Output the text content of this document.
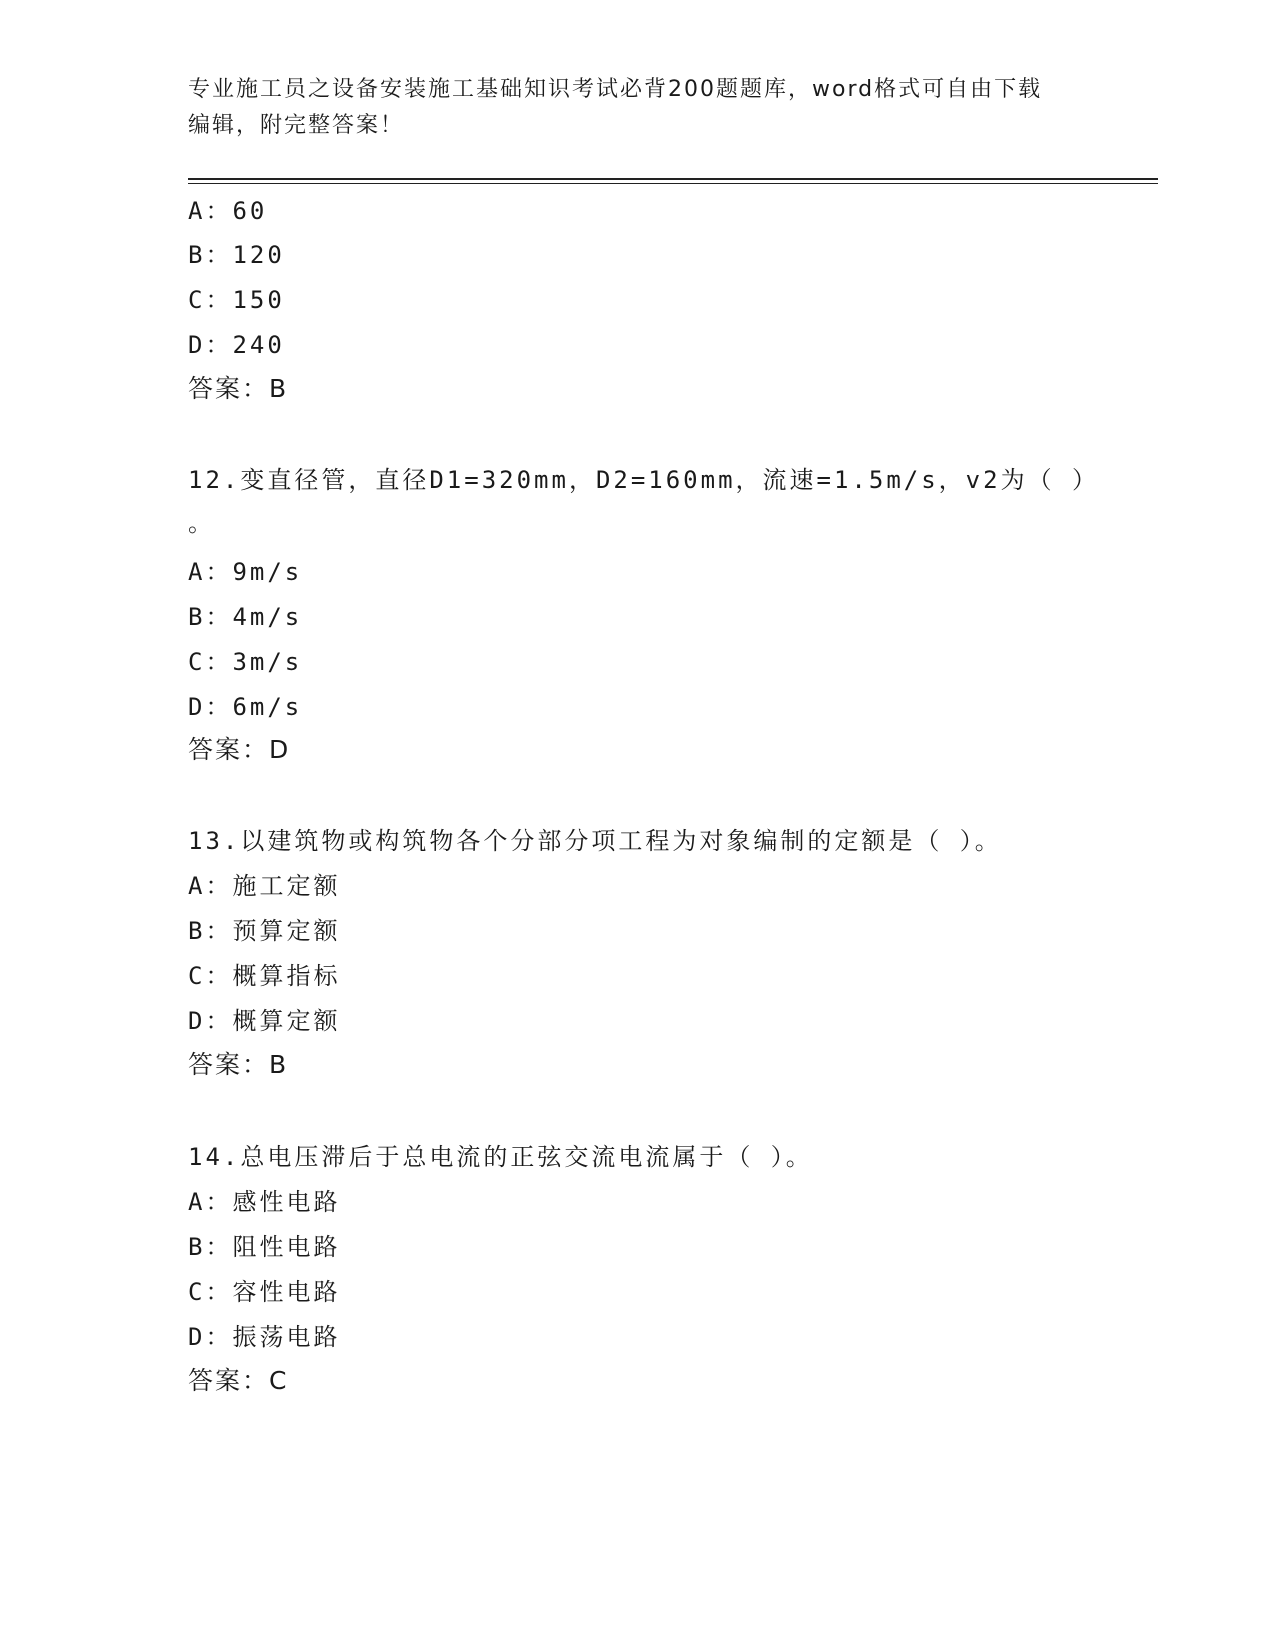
专业施工员之设备安装施工基础知识考试必背200题题库，word格式可自由下载
编辑，附完整答案！
A：60
B：120
C：150
D：240
答案：B
12.变直径管，直径D1=320mm，D2=160mm，流速=1.5m/s，v2为（ ）
。
A：9m/s
B：4m/s
C：3m/s
D：6m/s
答案：D
13.以建筑物或构筑物各个分部分项工程为对象编制的定额是（ ）。
A：施工定额
B：预算定额
C：概算指标
D：概算定额
答案：B
14.总电压滞后于总电流的正弦交流电流属于（ ）。
A：感性电路
B：阻性电路
C：容性电路
D：振荡电路
答案：C
